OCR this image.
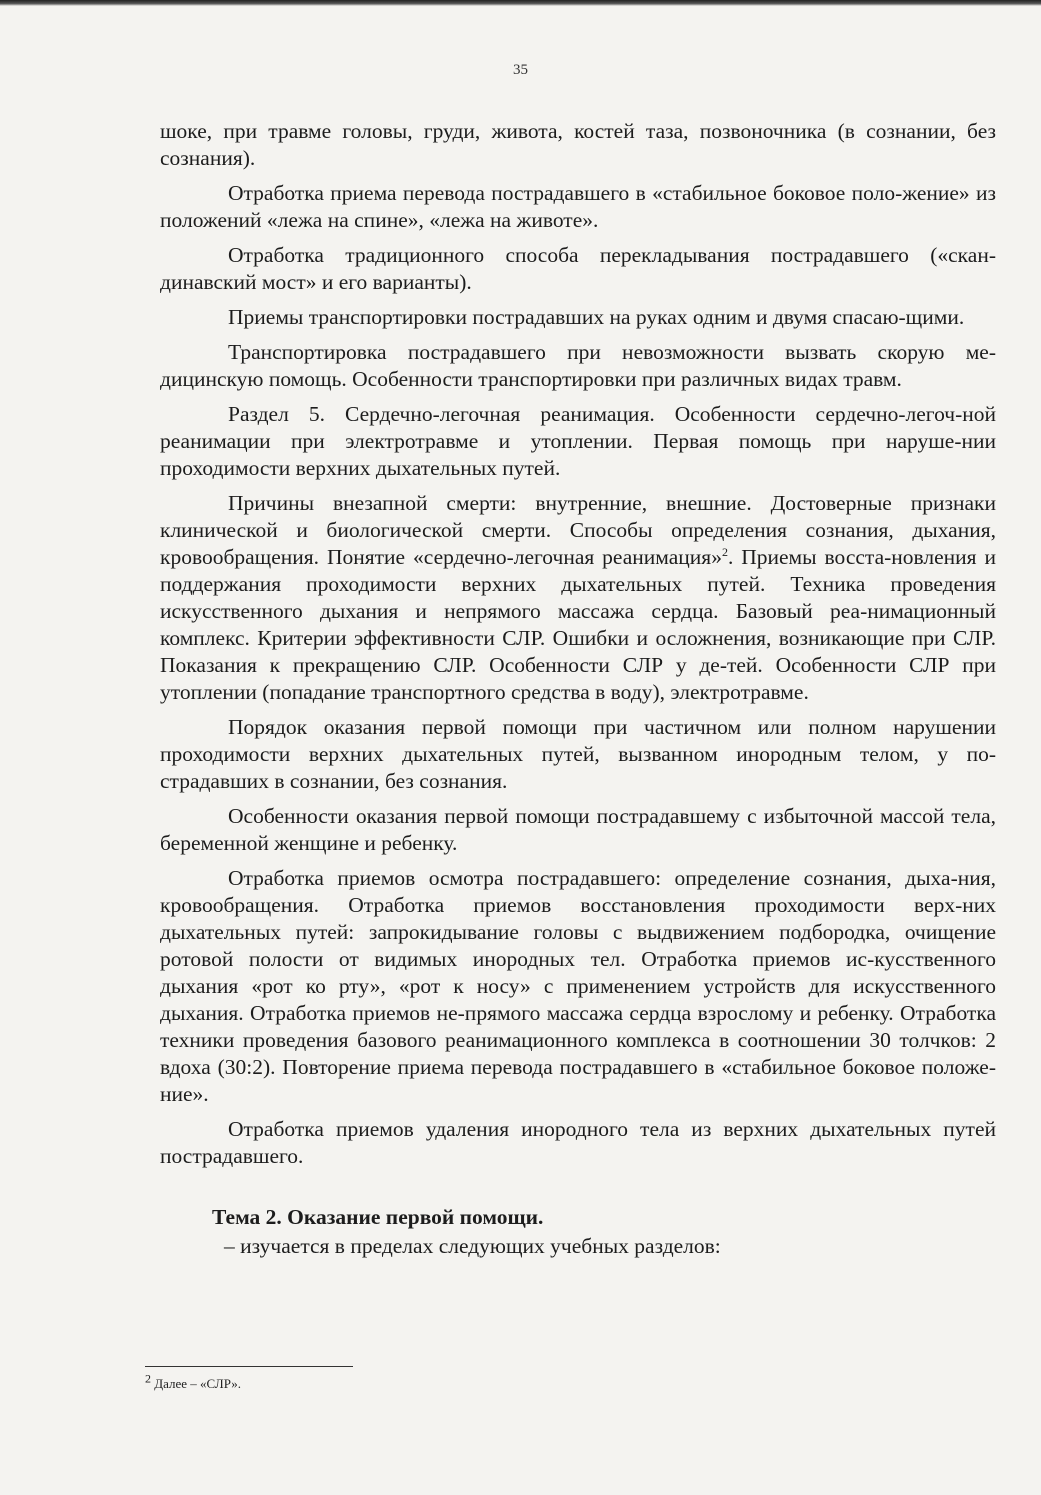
35

шоке, при травме головы, груди, живота, костей таза, позвоночника (в сознании, без сознания).

Отработка приема перевода пострадавшего в «стабильное боковое поло-жение» из положений «лежа на спине», «лежа на животе».

Отработка традиционного способа перекладывания пострадавшего («скан-динавский мост» и его варианты).

Приемы транспортировки пострадавших на руках одним и двумя спасаю-щими.

Транспортировка пострадавшего при невозможности вызвать скорую ме-дицинскую помощь. Особенности транспортировки при различных видах травм.

Раздел 5. Сердечно-легочная реанимация. Особенности сердечно-легоч-ной реанимации при электротравме и утоплении. Первая помощь при наруше-нии проходимости верхних дыхательных путей.

Причины внезапной смерти: внутренние, внешние. Достоверные признаки клинической и биологической смерти. Способы определения сознания, дыхания, кровообращения. Понятие «сердечно-легочная реанимация»$^2$. Приемы восста-новления и поддержания проходимости верхних дыхательных путей. Техника проведения искусственного дыхания и непрямого массажа сердца. Базовый реа-нимационный комплекс. Критерии эффективности СЛР. Ошибки и осложнения, возникающие при СЛР. Показания к прекращению СЛР. Особенности СЛР у де-тей. Особенности СЛР при утоплении (попадание транспортного средства в воду), электротравме.

Порядок оказания первой помощи при частичном или полном нарушении проходимости верхних дыхательных путей, вызванном инородным телом, у по-страдавших в сознании, без сознания.

Особенности оказания первой помощи пострадавшему с избыточной массой тела, беременной женщине и ребенку.

Отработка приемов осмотра пострадавшего: определение сознания, дыха-ния, кровообращения. Отработка приемов восстановления проходимости верх-них дыхательных путей: запрокидывание головы с выдвижением подбородка, очищение ротовой полости от видимых инородных тел. Отработка приемов ис-кусственного дыхания «рот ко рту», «рот к носу» с применением устройств для искусственного дыхания. Отработка приемов не-прямого массажа сердца взрослому и ребенку. Отработка техники проведения базового реанимационного комплекса в соотношении 30 толчков: 2 вдоха (30:2). Повторение приема перевода пострадавшего в «стабильное боковое положе-ние».

Отработка приемов удаления инородного тела из верхних дыхательных путей пострадавшего.

Тема 2. Оказание первой помощи.

– изучается в пределах следующих учебных разделов:

$^2$ Далее – «СЛР».
